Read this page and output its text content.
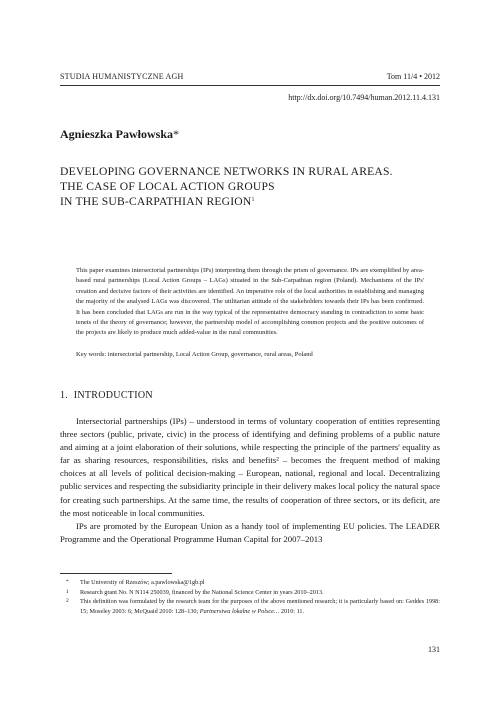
STUDIA HUMANISTYCZNE AGH	Tom 11/4 • 2012
http://dx.doi.org/10.7494/human.2012.11.4.131
Agnieszka Pawłowska*

DEVELOPING GOVERNANCE NETWORKS IN RURAL AREAS.

THE CASE OF LOCAL ACTION GROUPS

IN THE SUB-CARPATHIAN REGION$^1$

This paper examines intersectorial partnerships (IPs) interpreting them through the prism of governance. IPs are exemplified by area-based rural partnerships (Local Action Groups – LAGs) situated in the Sub-Carpathian region (Poland). Mechanisms of the IPs' creation and decisive factors of their activities are identified. An imperative role of the local authorities in establishing and managing the majority of the analysed LAGs was discovered. The utilitarian attitude of the stakeholders towards their IPs has been confirmed. It has been concluded that LAGs are run in the way typical of the representative democracy standing in contradiction to some basic tenets of the theory of governance; however, the partnership model of accomplishing common projects and the positive outcomes of the projects are likely to produce much added-value in the rural communities.

Key words: intersectorial partnership, Local Action Group, governance, rural areas, Poland
1. INTRODUCTION

Intersectorial partnerships (IPs) – understood in terms of voluntary cooperation of entities representing three sectors (public, private, civic) in the process of identifying and defining problems of a public nature and aiming at a joint elaboration of their solutions, while respecting the principle of the partners' equality as far as sharing resources, responsibilities, risks and benefits² – becomes the frequent method of making choices at all levels of political decision-making – European, national, regional and local. Decentralizing public services and respecting the subsidiarity principle in their delivery makes local policy the natural space for creating such partnerships. At the same time, the results of cooperation of three sectors, or its deficit, are the most noticeable in local communities.

IPs are promoted by the European Union as a handy tool of implementing EU policies. The LEADER Programme and the Operational Programme Human Capital for 2007–2013

* The University of Rzeszów; a.pawlowska@1gb.pl
1 Research grant No. N N114 250039, financed by the National Science Center in years 2010–2013.
2 This definition was formulated by the research team for the purposes of the above mentioned research; it is particularly based on: Geddes 1998: 15; Moseley 2003: 6; McQuaid 2010: 128–130; Partnerstwa lokalne w Polsce… 2010: 11.
131
